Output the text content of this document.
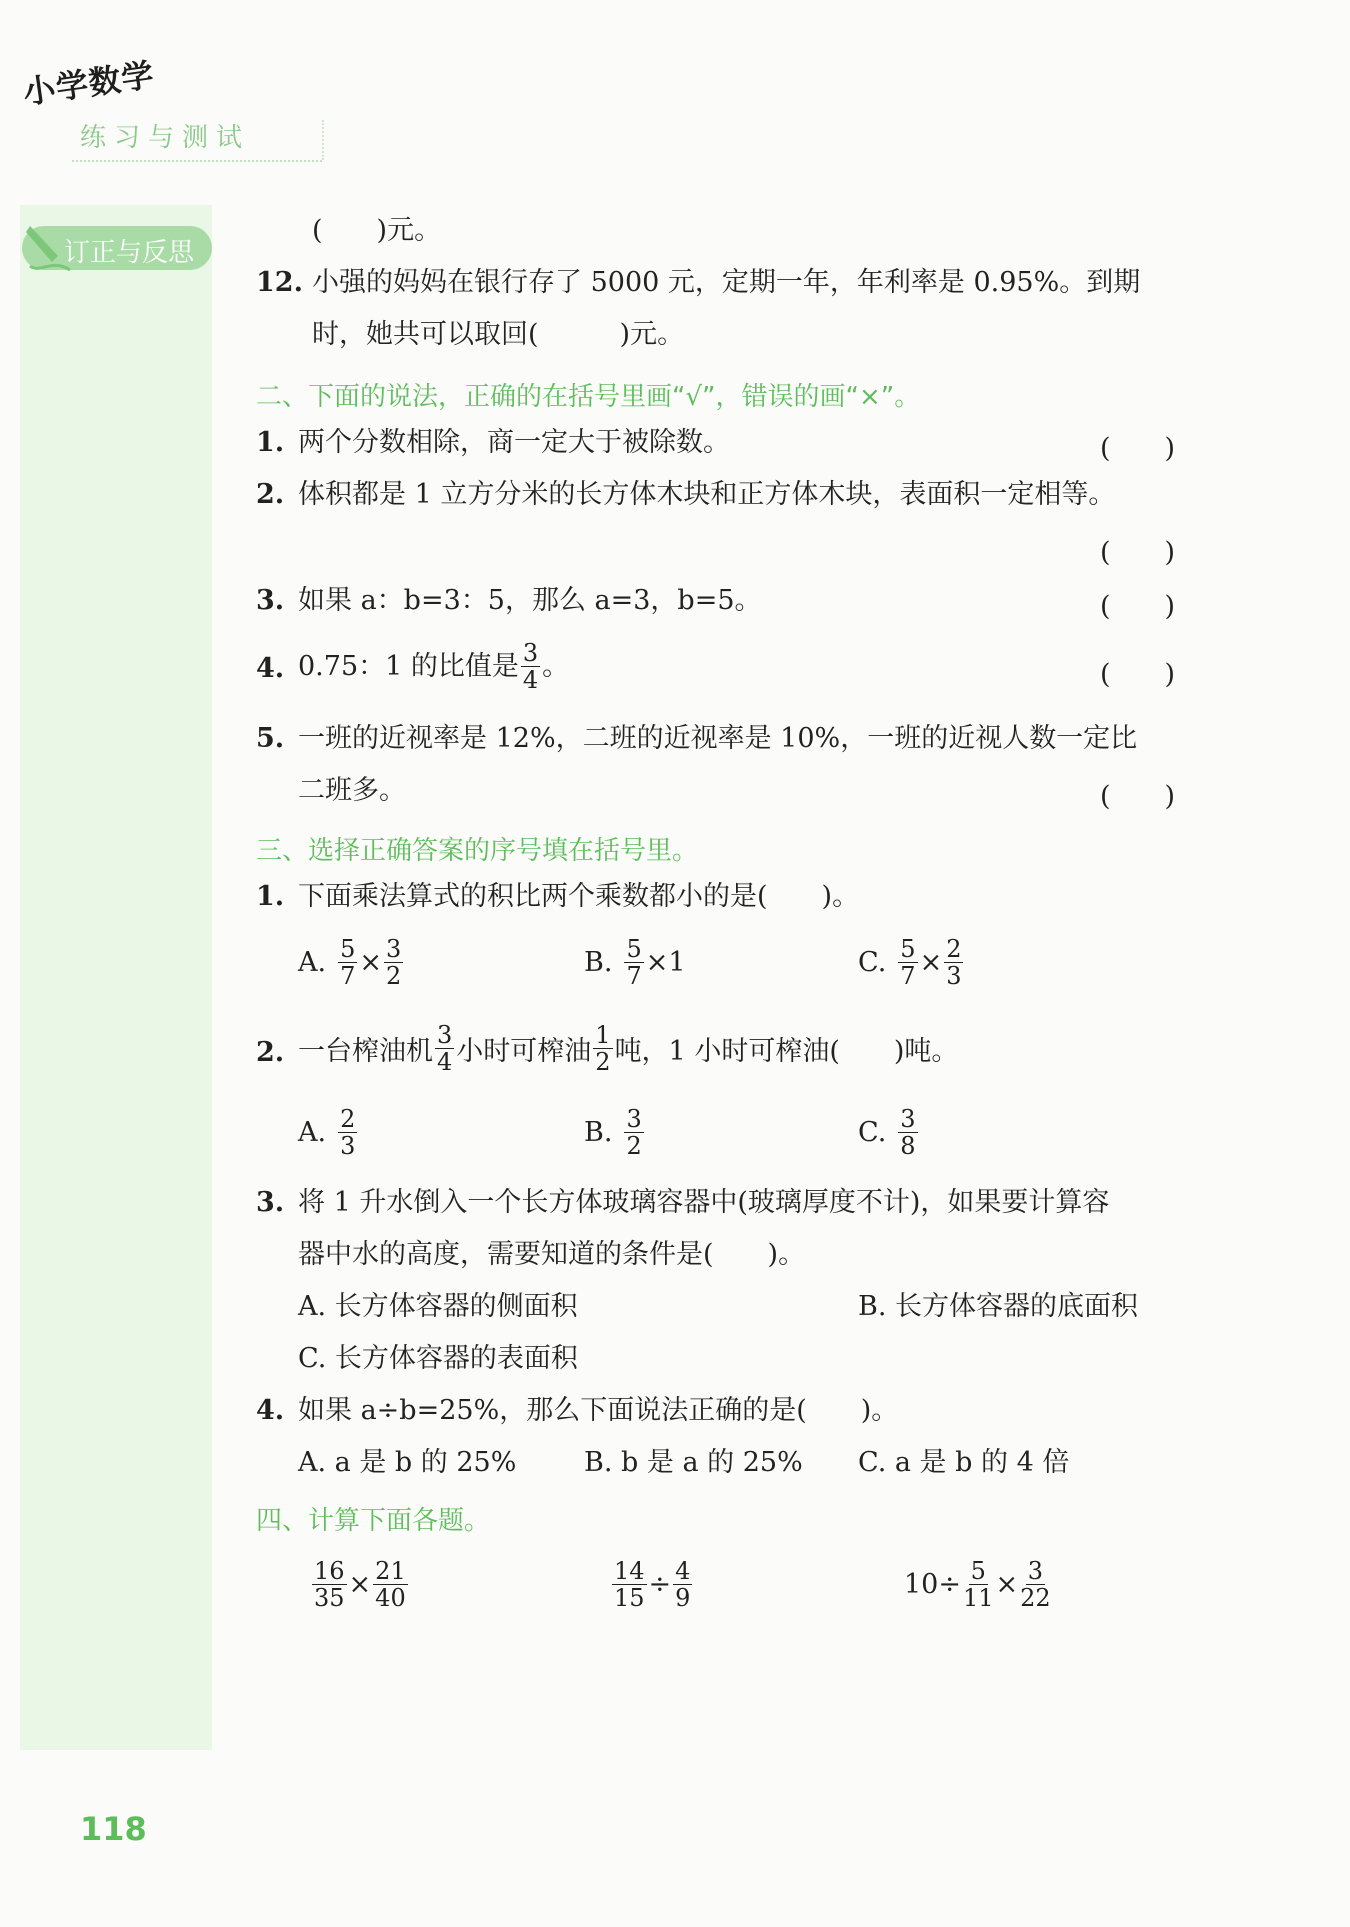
小学数学
练习与测试
订正与反思
(　　)元。
12. 小强的妈妈在银行存了 5000 元，定期一年，年利率是 0.95%。到期
时，她共可以取回(　　　)元。
二、下面的说法，正确的在括号里画“√”，错误的画“×”。
1. 两个分数相除，商一定大于被除数。	(　　)
2. 体积都是 1 立方分米的长方体木块和正方体木块，表面积一定相等。
(　　)
3. 如果 a：b=3：5，那么 a=3，b=5。	(　　)
4. 0.75：1 的比值是 $\frac{3}{4}$ 。	(　　)
5. 一班的近视率是 12%，二班的近视率是 10%，一班的近视人数一定比
二班多。	(　　)
三、选择正确答案的序号填在括号里。
1. 下面乘法算式的积比两个乘数都小的是(　　)。
A. $\frac{5}{7} \times \frac{3}{2}$	B. $\frac{5}{7} \times 1$	C. $\frac{5}{7} \times \frac{2}{3}$
2. 一台榨油机 $\frac{3}{4}$ 小时可榨油 $\frac{1}{2}$ 吨，1 小时可榨油(　　)吨。
A. $\frac{2}{3}$	B. $\frac{3}{2}$	C. $\frac{3}{8}$
3. 将 1 升水倒入一个长方体玻璃容器中(玻璃厚度不计)，如果要计算容
器中水的高度，需要知道的条件是(　　)。
A. 长方体容器的侧面积	B. 长方体容器的底面积
C. 长方体容器的表面积
4. 如果 a÷b=25%，那么下面说法正确的是(　　)。
A. a 是 b 的 25%	B. b 是 a 的 25% C. a 是 b 的 4 倍
四、计算下面各题。
$\frac{16}{35} \times \frac{21}{40}$	$\frac{14}{15} \div \frac{4}{9}$	$10\div \frac{5}{11} \times \frac{3}{22}$
118
